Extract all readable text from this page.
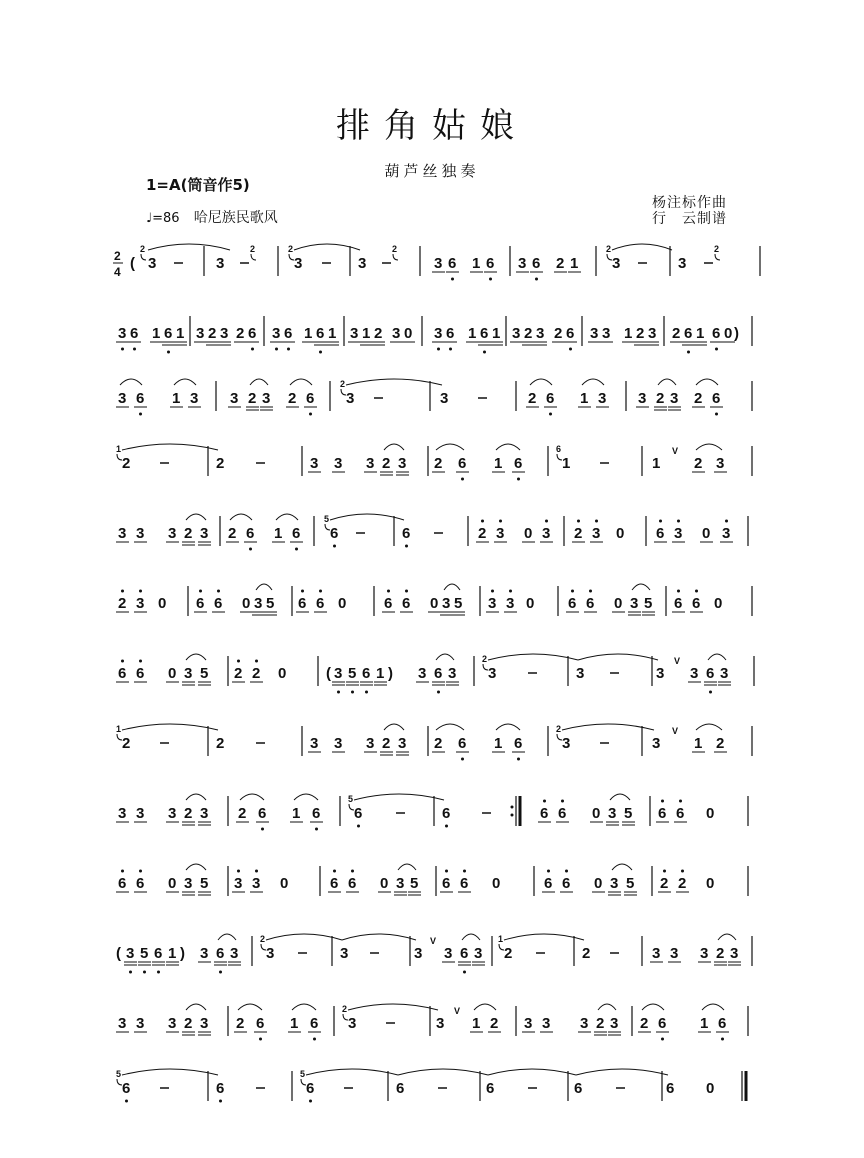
排角姑娘
葫芦丝独奏
1=A(筒音作5)
♩=86 哈尼族民歌风
杨注标作曲
行　云制谱
2
4 (
2
3	3
2	2
3	3
2
3 6 1 6 3 6 2 1
2
3	3
2
3 6 1 6 1 3 2 3 2 6 3 6 1 6 1 3 1 2 3 0 3 6 1 6 1 3 2 3 2 6 3 3 1 2 3 2 6 1 6 0 )
3 6 1 3 3 2 3 2 6
2
3	3	2 6 1 3 3 2 3 2 6
1
2	2	3 3 3 2 3 2 6 1 6
6
1	1
V
2 3
3 3 3 2 3 2 6 1 6
5
6	6	2 3 0 3 2 3 0 6 3 0 3
2 3 0 6 6 0 3 5 6 6 0	6 6 0 3 5 3 3 0 6 6 0 3 5 6 6 0
6 6 0 3 5 2 2 0	( 3 5 6 1 ) 3 6 3
2
3	3	3
V
3 6 3
1
2	2	3 3 3 2 3 2 6 1 6
2
3	3
V
1 2
3 3 3 2 3 2 6 1 6
5
6	6	6 6 0 3 5 6 6 0
6 6 0 3 5 3 3 0	6 6 0 3 5 6 6 0	6 6 0 3 5 2 2 0
( 3 5 6 1 ) 3 6 3
2
3	3	3
V
3 6 3
1
2	2	3 3 3 2 3
3 3 3 2 3 2 6 1 6
2
3	3
V
1 2 3 3 3 2 3 2 6 1 6
5
6	6
5
6	6	6	6	6 0
